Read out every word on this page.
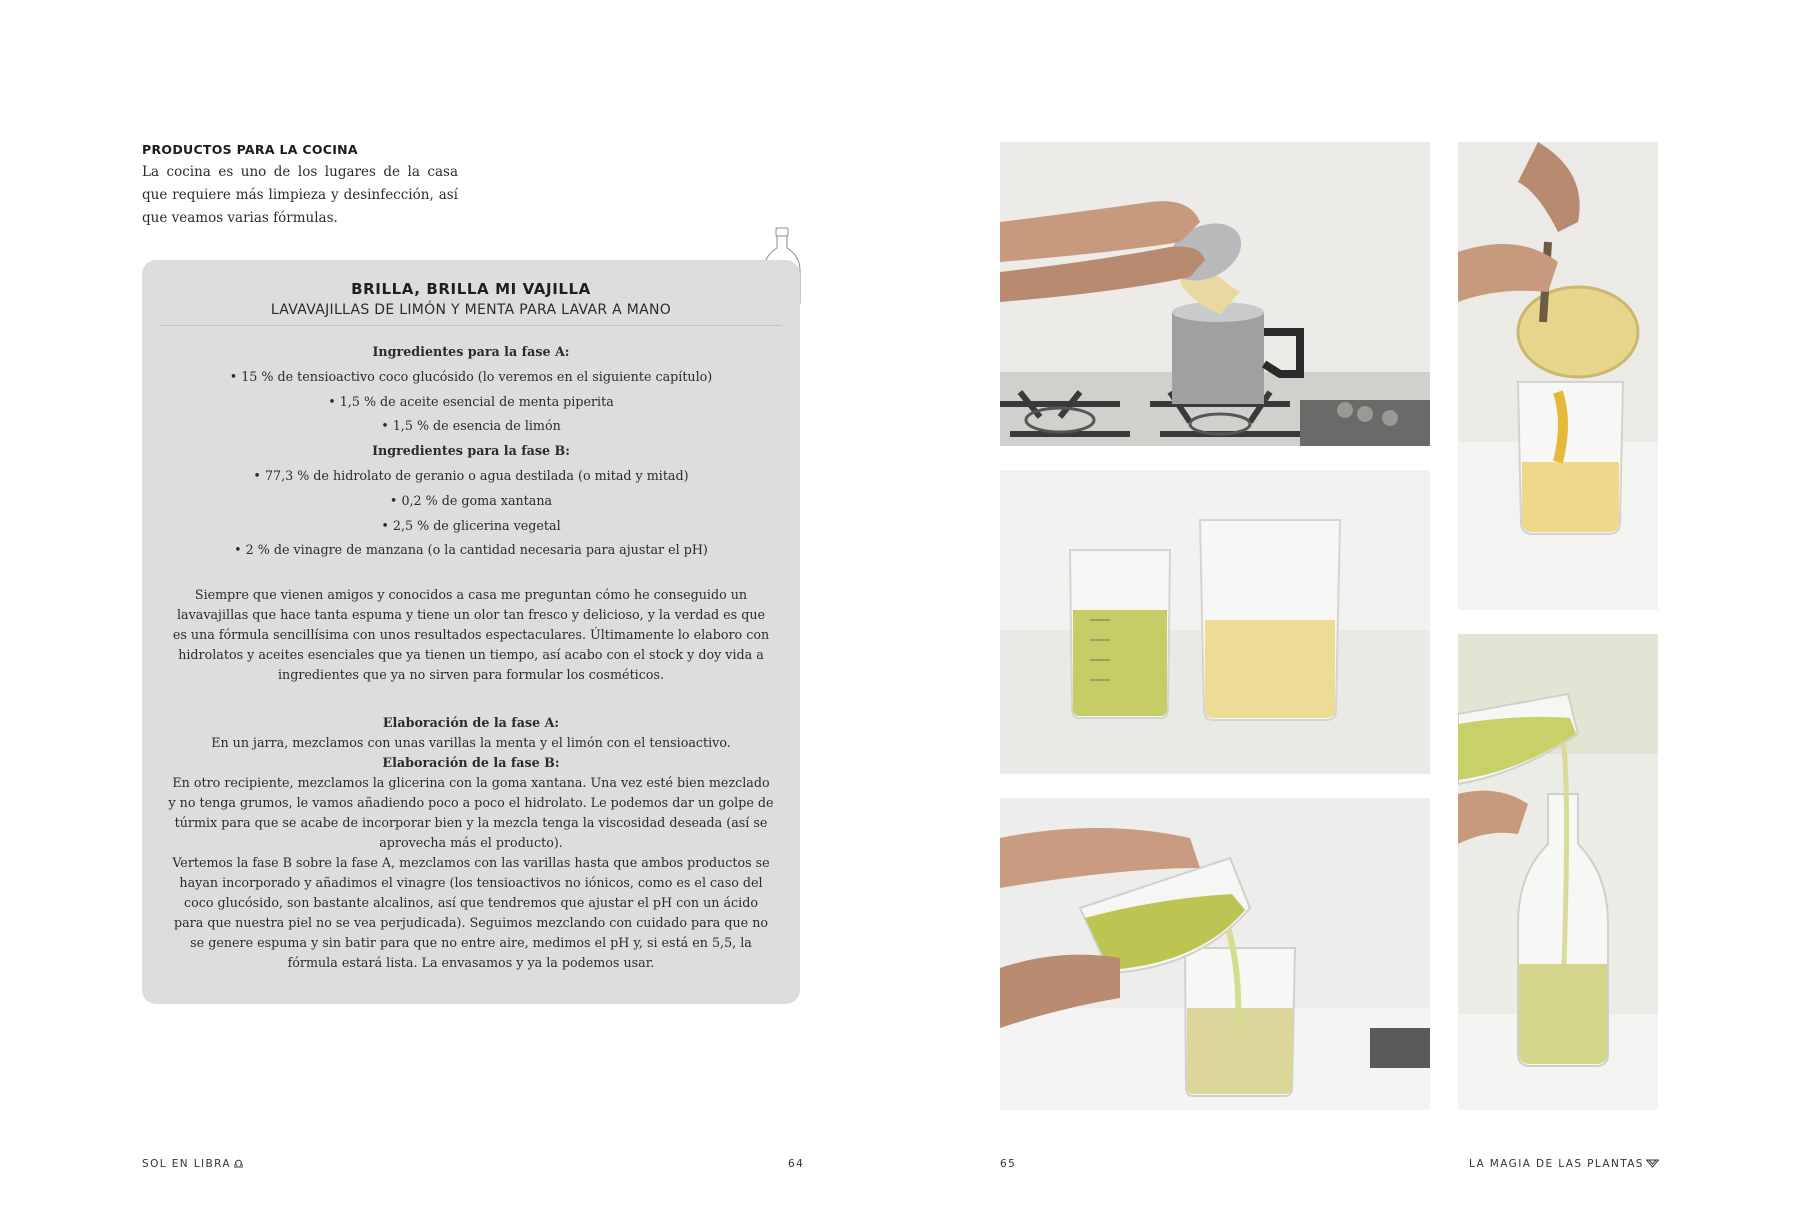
PRODUCTOS PARA LA COCINA
La cocina es uno de los lugares de la casa que requiere más limpieza y desinfección, así que veamos varias fórmulas.
BRILLA, BRILLA MI VAJILLA
LAVAVAJILLAS DE LIMÓN Y MENTA PARA LAVAR A MANO
Ingredientes para la fase A:
• 15 % de tensioactivo coco glucósido (lo veremos en el siguiente capítulo)
• 1,5 % de aceite esencial de menta piperita
• 1,5 % de esencia de limón
Ingredientes para la fase B:
• 77,3 % de hidrolato de geranio o agua destilada (o mitad y mitad)
• 0,2 % de goma xantana
• 2,5 % de glicerina vegetal
• 2 % de vinagre de manzana (o la cantidad necesaria para ajustar el pH)
Siempre que vienen amigos y conocidos a casa me preguntan cómo he conseguido un lavavajillas que hace tanta espuma y tiene un olor tan fresco y delicioso, y la verdad es que es una fórmula sencillísima con unos resultados espectaculares. Últimamente lo elaboro con hidrolatos y aceites esenciales que ya tienen un tiempo, así acabo con el stock y doy vida a ingredientes que ya no sirven para formular los cosméticos.

Elaboración de la fase A:

En un jarra, mezclamos con unas varillas la menta y el limón con el tensioactivo.

Elaboración de la fase B:

En otro recipiente, mezclamos la glicerina con la goma xantana. Una vez esté bien mezclado y no tenga grumos, le vamos añadiendo poco a poco el hidrolato. Le podemos dar un golpe de túrmix para que se acabe de incorporar bien y la mezcla tenga la viscosidad deseada (así se aprovecha más el producto).

Vertemos la fase B sobre la fase A, mezclamos con las varillas hasta que ambos productos se hayan incorporado y añadimos el vinagre (los tensioactivos no iónicos, como es el caso del coco glucósido, son bastante alcalinos, así que tendremos que ajustar el pH con un ácido para que nuestra piel no se vea perjudicada). Seguimos mezclando con cuidado para que no se genere espuma y sin batir para que no entre aire, medimos el pH y, si está en 5,5, la fórmula estará lista. La envasamos y ya la podemos usar.

SOL EN LIBRA	64	65	LA MAGIA DE LAS PLANTAS
